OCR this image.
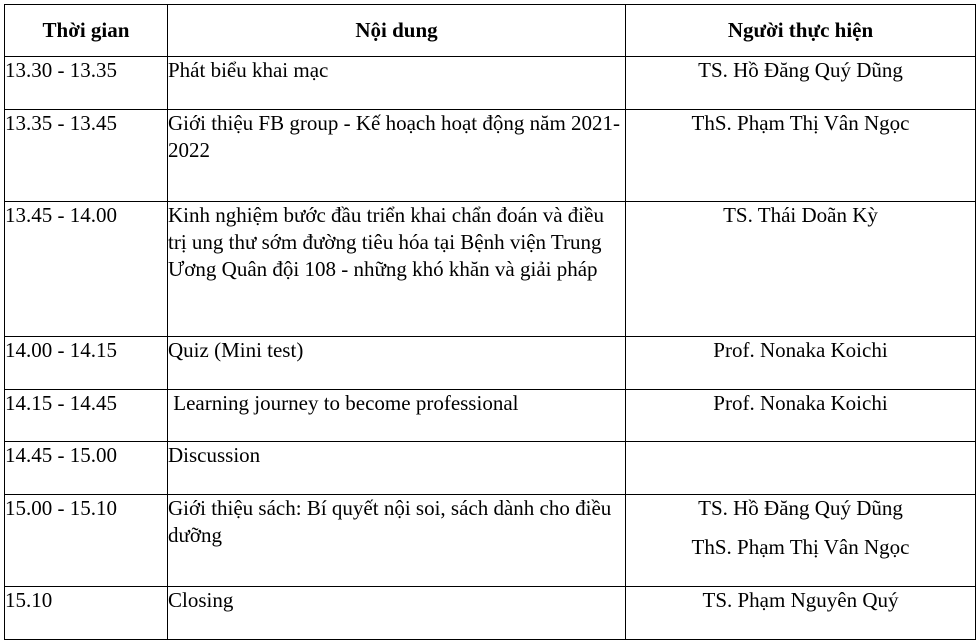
Thời gian	Nội dung	Người thực hiện
13.30 - 13.35	Phát biểu khai mạc	TS. Hồ Đăng Quý Dũng

13.35 - 13.45	Giới thiệu FB group - Kế hoạch hoạt động năm 2021-2022	ThS. Phạm Thị Vân Ngọc

13.45 - 14.00	Kinh nghiệm bước đầu triển khai chẩn đoán và điều trị ung thư sớm đường tiêu hóa tại Bệnh viện Trung Ương Quân đội 108 - những khó khăn và giải pháp	TS. Thái Doãn Kỳ

14.00 - 14.15	Quiz (Mini test)	Prof. Nonaka Koichi

14.15 - 14.45	Learning journey to become professional	Prof. Nonaka Koichi

14.45 - 15.00	Discussion	
15.00 - 15.10	Giới thiệu sách: Bí quyết nội soi, sách dành cho điều dưỡng	TS. Hồ Đăng Quý Dũng
ThS. Phạm Thị Vân Ngọc

15.10	Closing	TS. Phạm Nguyên Quý
